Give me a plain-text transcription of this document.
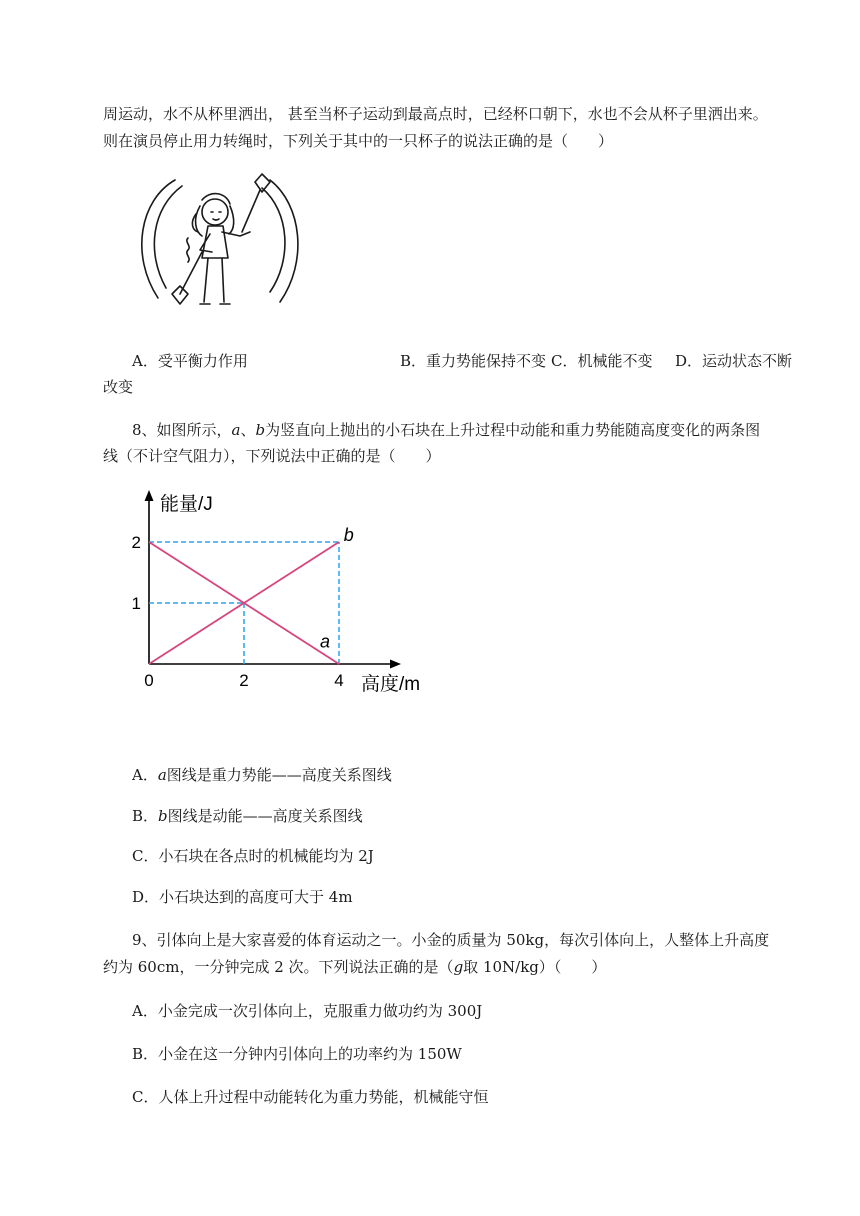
周运动，水不从杯里洒出， 甚至当杯子运动到最高点时，已经杯口朝下，水也不会从杯子里洒出来。
则在演员停止用力转绳时，下列关于其中的一只杯子的说法正确的是（　　）
A．受平衡力作用	B．重力势能保持不变 C．机械能不变 D．运动状态不断
改变
8、如图所示，a、b为竖直向上抛出的小石块在上升过程中动能和重力势能随高度变化的两条图
线（不计空气阻力），下列说法中正确的是（　　）
能量/J
高度/m
0
a
b
1
2
2	4
A．a图线是重力势能——高度关系图线
B．b图线是动能——高度关系图线
C．小石块在各点时的机械能均为 2J
D．小石块达到的高度可大于 4m
9、引体向上是大家喜爱的体育运动之一。小金的质量为 50kg，每次引体向上，人整体上升高度
约为 60cm，一分钟完成 2 次。下列说法正确的是（g取 10N/kg）（　　）
A．小金完成一次引体向上，克服重力做功约为 300J
B．小金在这一分钟内引体向上的功率约为 150W
C．人体上升过程中动能转化为重力势能，机械能守恒
